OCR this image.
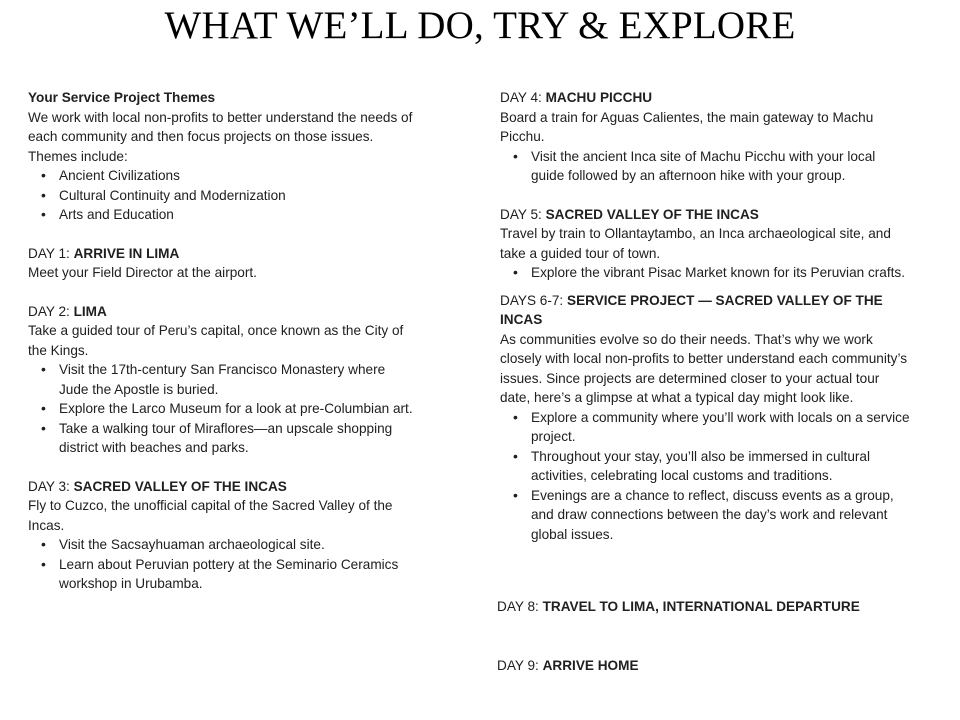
WHAT WE’LL DO, TRY & EXPLORE

Your Service Project Themes

We work with local non-profits to better understand the needs of each community and then focus projects on those issues. Themes include:

• Ancient Civilizations
• Cultural Continuity and Modernization
• Arts and Education

DAY 1: ARRIVE IN LIMA

Meet your Field Director at the airport.

DAY 2: LIMA

Take a guided tour of Peru’s capital, once known as the City of the Kings.

• Visit the 17th-century San Francisco Monastery where Jude the Apostle is buried.
• Explore the Larco Museum for a look at pre-Columbian art.
• Take a walking tour of Miraflores—an upscale shopping district with beaches and parks.

DAY 3: SACRED VALLEY OF THE INCAS

Fly to Cuzco, the unofficial capital of the Sacred Valley of the Incas.

• Visit the Sacsayhuaman archaeological site.
• Learn about Peruvian pottery at the Seminario Ceramics workshop in Urubamba.

DAY 4: MACHU PICCHU

Board a train for Aguas Calientes, the main gateway to Machu Picchu.

• Visit the ancient Inca site of Machu Picchu with your local guide followed by an afternoon hike with your group.

DAY 5: SACRED VALLEY OF THE INCAS

Travel by train to Ollantaytambo, an Inca archaeological site, and take a guided tour of town.

• Explore the vibrant Pisac Market known for its Peruvian crafts.

DAYS 6-7: SERVICE PROJECT — SACRED VALLEY OF THE INCAS

As communities evolve so do their needs. That’s why we work closely with local non-profits to better understand each community’s issues. Since projects are determined closer to your actual tour date, here’s a glimpse at what a typical day might look like.

• Explore a community where you’ll work with locals on a service project.
• Throughout your stay, you’ll also be immersed in cultural activities, celebrating local customs and traditions.
• Evenings are a chance to reflect, discuss events as a group, and draw connections between the day’s work and relevant global issues.
DAY 8: TRAVEL TO LIMA, INTERNATIONAL DEPARTURE
DAY 9: ARRIVE HOME
